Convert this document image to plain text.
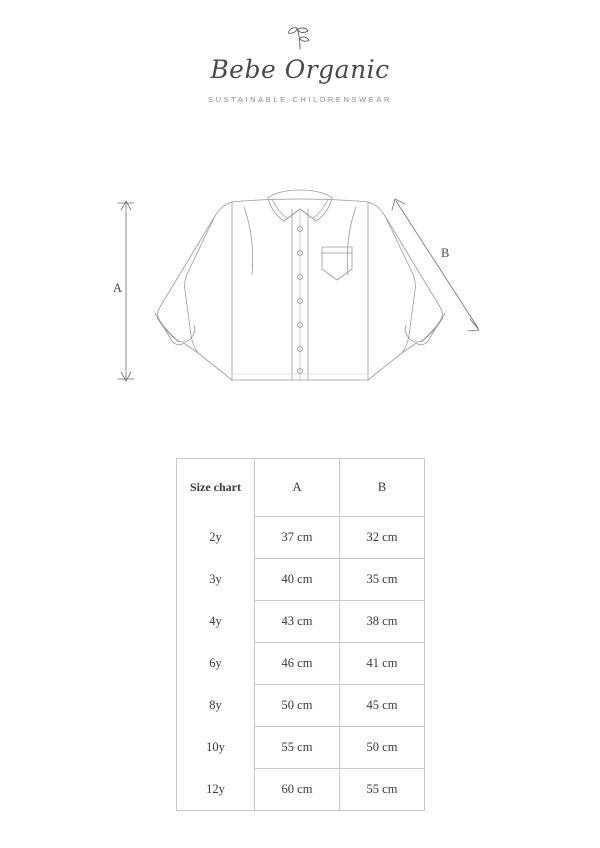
Bebe Organic
SUSTAINABLE CHILDRENSWEAR
A
B
Size chart	A	B
2y	37 cm	32 cm
3y	40 cm	35 cm
4y	43 cm	38 cm
6y	46 cm	41 cm
8y	50 cm	45 cm
10y	55 cm	50 cm
12y	60 cm	55 cm
